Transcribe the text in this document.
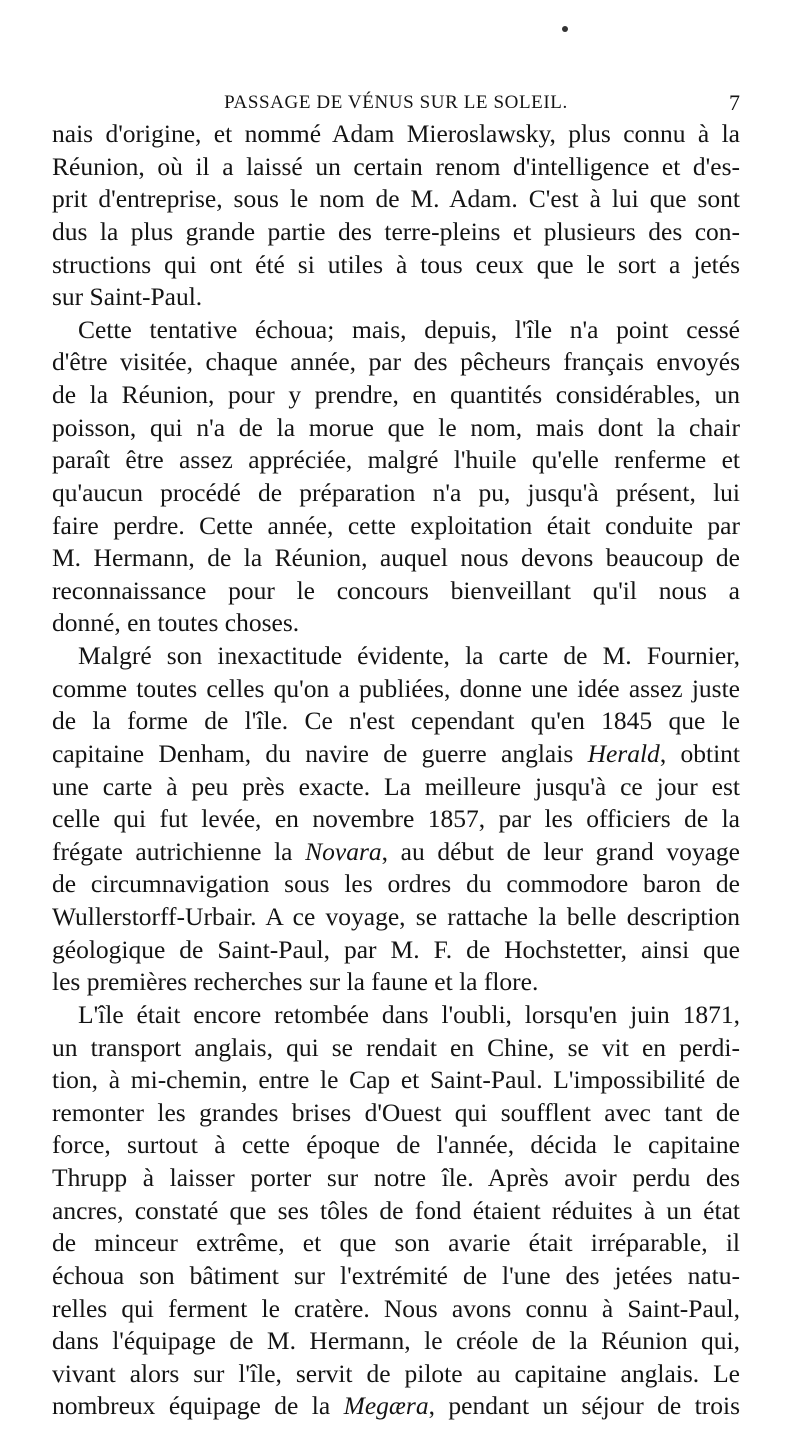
PASSAGE DE VÉNUS SUR LE SOLEIL.	7
nais d'origine, et nommé Adam Mieroslawsky, plus connu à la
Réunion, où il a laissé un certain renom d'intelligence et d'es-
prit d'entreprise, sous le nom de M. Adam. C'est à lui que sont
dus la plus grande partie des terre-pleins et plusieurs des con-
structions qui ont été si utiles à tous ceux que le sort a jetés
sur Saint-Paul.
Cette tentative échoua; mais, depuis, l'île n'a point cessé
d'être visitée, chaque année, par des pêcheurs français envoyés
de la Réunion, pour y prendre, en quantités considérables, un
poisson, qui n'a de la morue que le nom, mais dont la chair
paraît être assez appréciée, malgré l'huile qu'elle renferme et
qu'aucun procédé de préparation n'a pu, jusqu'à présent, lui
faire perdre. Cette année, cette exploitation était conduite par
M. Hermann, de la Réunion, auquel nous devons beaucoup de
reconnaissance pour le concours bienveillant qu'il nous a
donné, en toutes choses.
Malgré son inexactitude évidente, la carte de M. Fournier,
comme toutes celles qu'on a publiées, donne une idée assez juste
de la forme de l'île. Ce n'est cependant qu'en 1845 que le
capitaine Denham, du navire de guerre anglais Herald, obtint
une carte à peu près exacte. La meilleure jusqu'à ce jour est
celle qui fut levée, en novembre 1857, par les officiers de la
frégate autrichienne la Novara, au début de leur grand voyage
de circumnavigation sous les ordres du commodore baron de
Wullerstorff-Urbair. A ce voyage, se rattache la belle description
géologique de Saint-Paul, par M. F. de Hochstetter, ainsi que
les premières recherches sur la faune et la flore.
L'île était encore retombée dans l'oubli, lorsqu'en juin 1871,
un transport anglais, qui se rendait en Chine, se vit en perdi-
tion, à mi-chemin, entre le Cap et Saint-Paul. L'impossibilité de
remonter les grandes brises d'Ouest qui soufflent avec tant de
force, surtout à cette époque de l'année, décida le capitaine
Thrupp à laisser porter sur notre île. Après avoir perdu des
ancres, constaté que ses tôles de fond étaient réduites à un état
de minceur extrême, et que son avarie était irréparable, il
échoua son bâtiment sur l'extrémité de l'une des jetées natu-
relles qui ferment le cratère. Nous avons connu à Saint-Paul,
dans l'équipage de M. Hermann, le créole de la Réunion qui,
vivant alors sur l'île, servit de pilote au capitaine anglais. Le
nombreux équipage de la Megæra, pendant un séjour de trois
